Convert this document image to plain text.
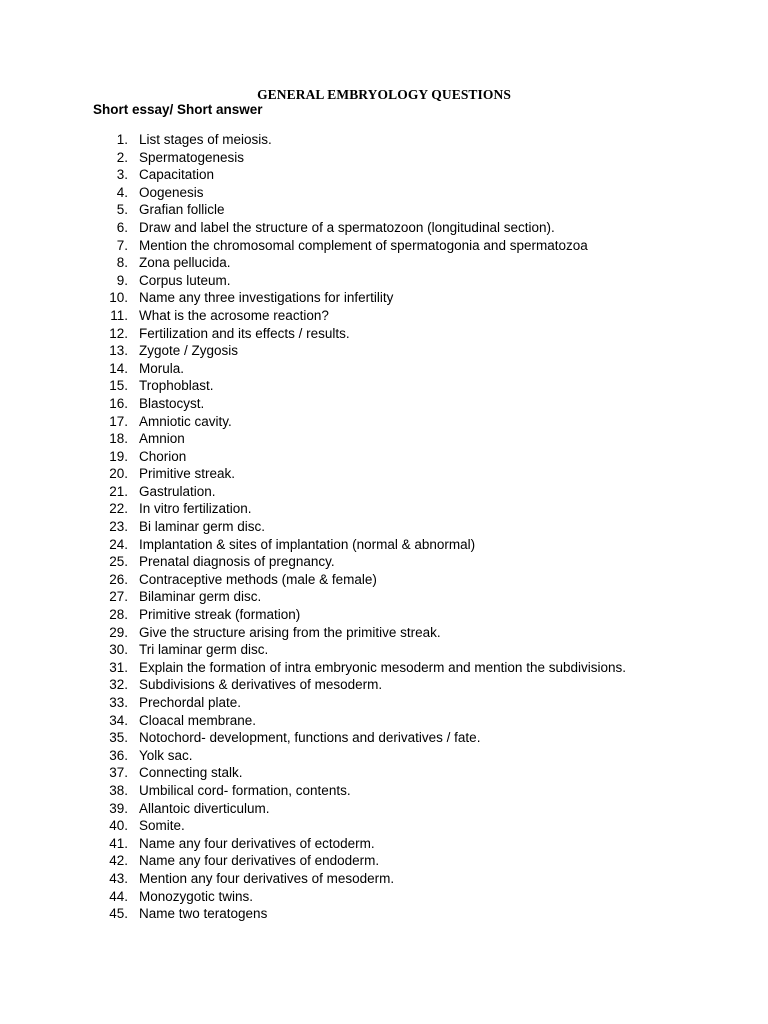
GENERAL EMBRYOLOGY QUESTIONS
Short essay/ Short answer
1. List stages of meiosis.
2. Spermatogenesis
3. Capacitation
4. Oogenesis
5. Grafian follicle
6. Draw and label the structure of a spermatozoon (longitudinal section).
7. Mention the chromosomal complement of spermatogonia and spermatozoa
8. Zona pellucida.
9. Corpus luteum.
10. Name any three investigations for infertility
11. What is the acrosome reaction?
12. Fertilization and its effects / results.
13. Zygote / Zygosis
14. Morula.
15. Trophoblast.
16. Blastocyst.
17. Amniotic cavity.
18. Amnion
19. Chorion
20. Primitive streak.
21. Gastrulation.
22. In vitro fertilization.
23. Bi laminar germ disc.
24. Implantation & sites of implantation (normal & abnormal)
25. Prenatal diagnosis of pregnancy.
26. Contraceptive methods (male & female)
27. Bilaminar germ disc.
28. Primitive streak (formation)
29. Give the structure arising from the primitive streak.
30. Tri laminar germ disc.
31. Explain the formation of intra embryonic mesoderm and mention the subdivisions.
32. Subdivisions & derivatives of mesoderm.
33. Prechordal plate.
34. Cloacal membrane.
35. Notochord- development, functions and derivatives / fate.
36. Yolk sac.
37. Connecting stalk.
38. Umbilical cord- formation, contents.
39. Allantoic diverticulum.
40. Somite.
41. Name any four derivatives of ectoderm.
42. Name any four derivatives of endoderm.
43. Mention any four derivatives of mesoderm.
44. Monozygotic twins.
45. Name two teratogens
